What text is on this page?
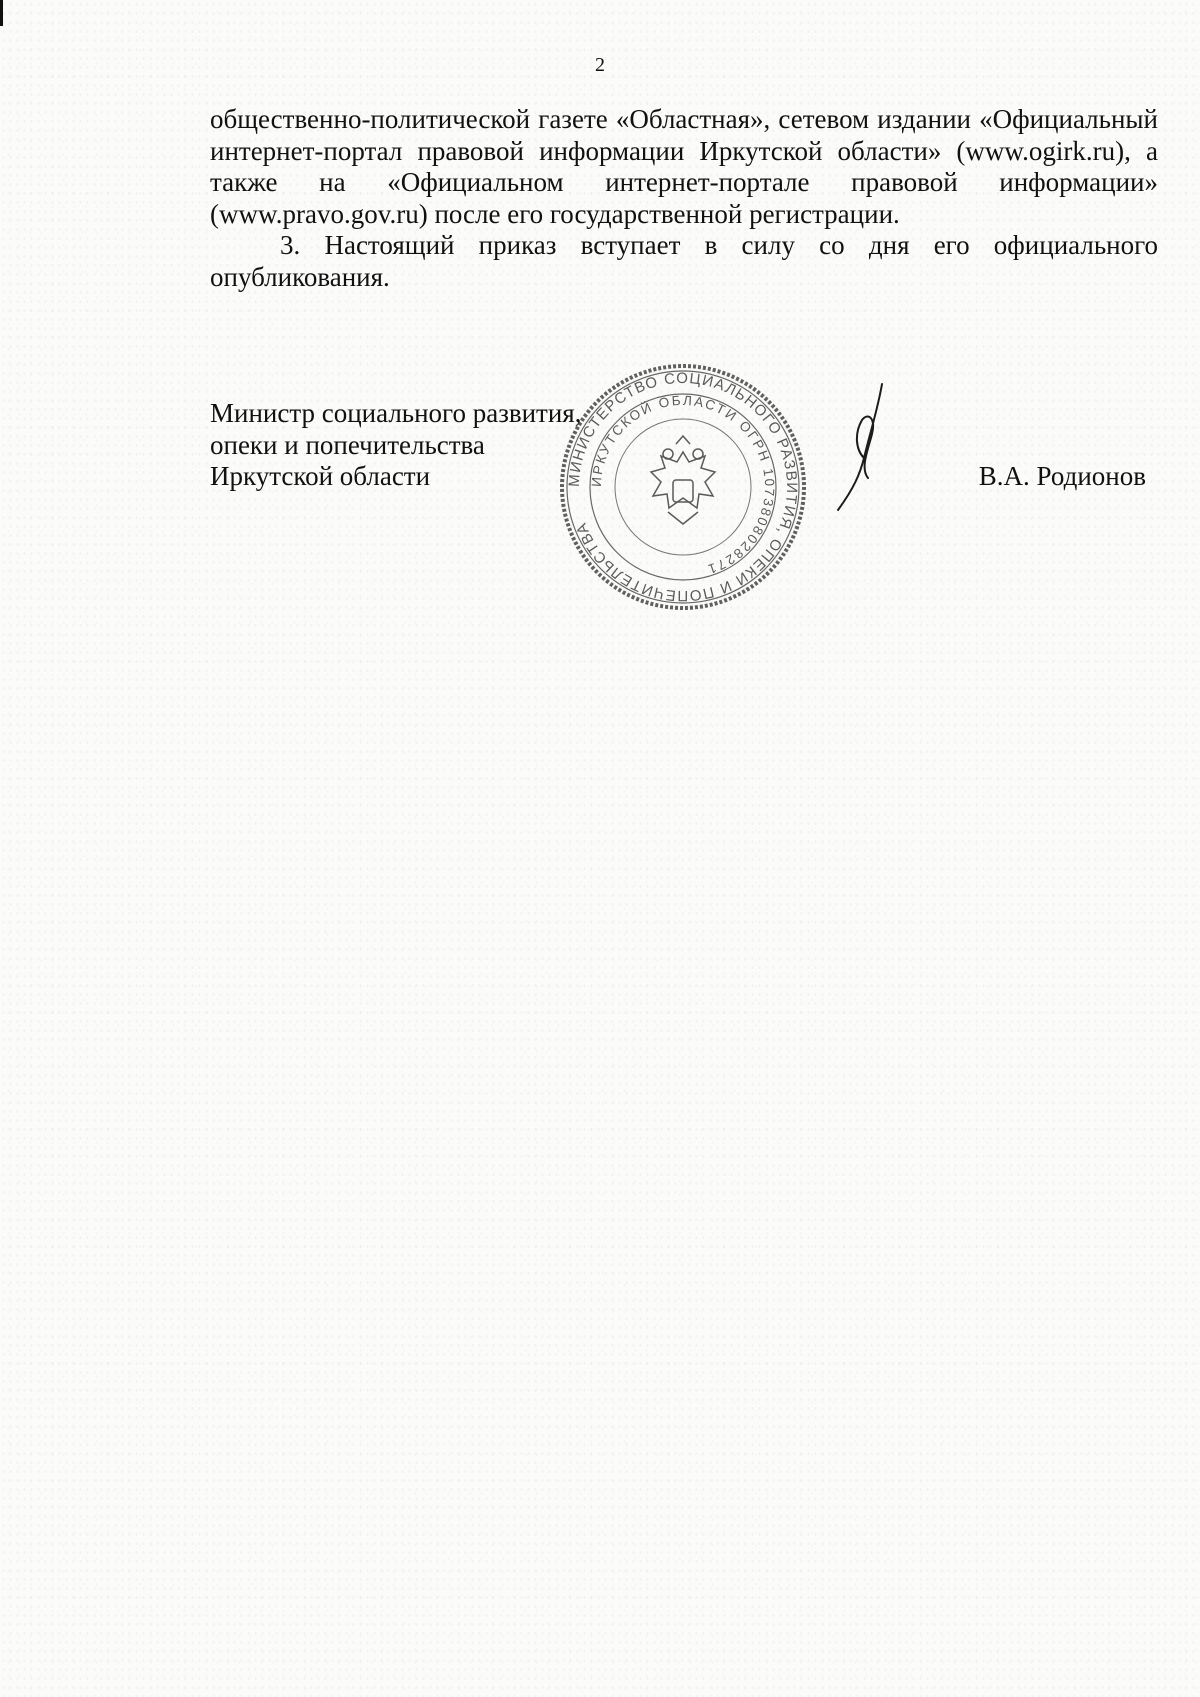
2

общественно-политической газете «Областная», сетевом издании «Официальный интернет-портал правовой информации Иркутской области» (www.ogirk.ru), а также на «Официальном интернет-портале правовой информации» (www.pravo.gov.ru) после его государственной регистрации.

3. Настоящий приказ вступает в силу со дня его официального опубликования.

Министр социального развития,
опеки и попечительства
Иркутской области	МИНИСТЕРСТВО СОЦИАЛЬНОГО РАЗВИТИЯ, ОПЕКИ И ПОПЕЧИТЕЛЬСТВА
ИРКУТСКОЙ ОБЛАСТИ ОГРН 1073808028271
В.А. Родионов
